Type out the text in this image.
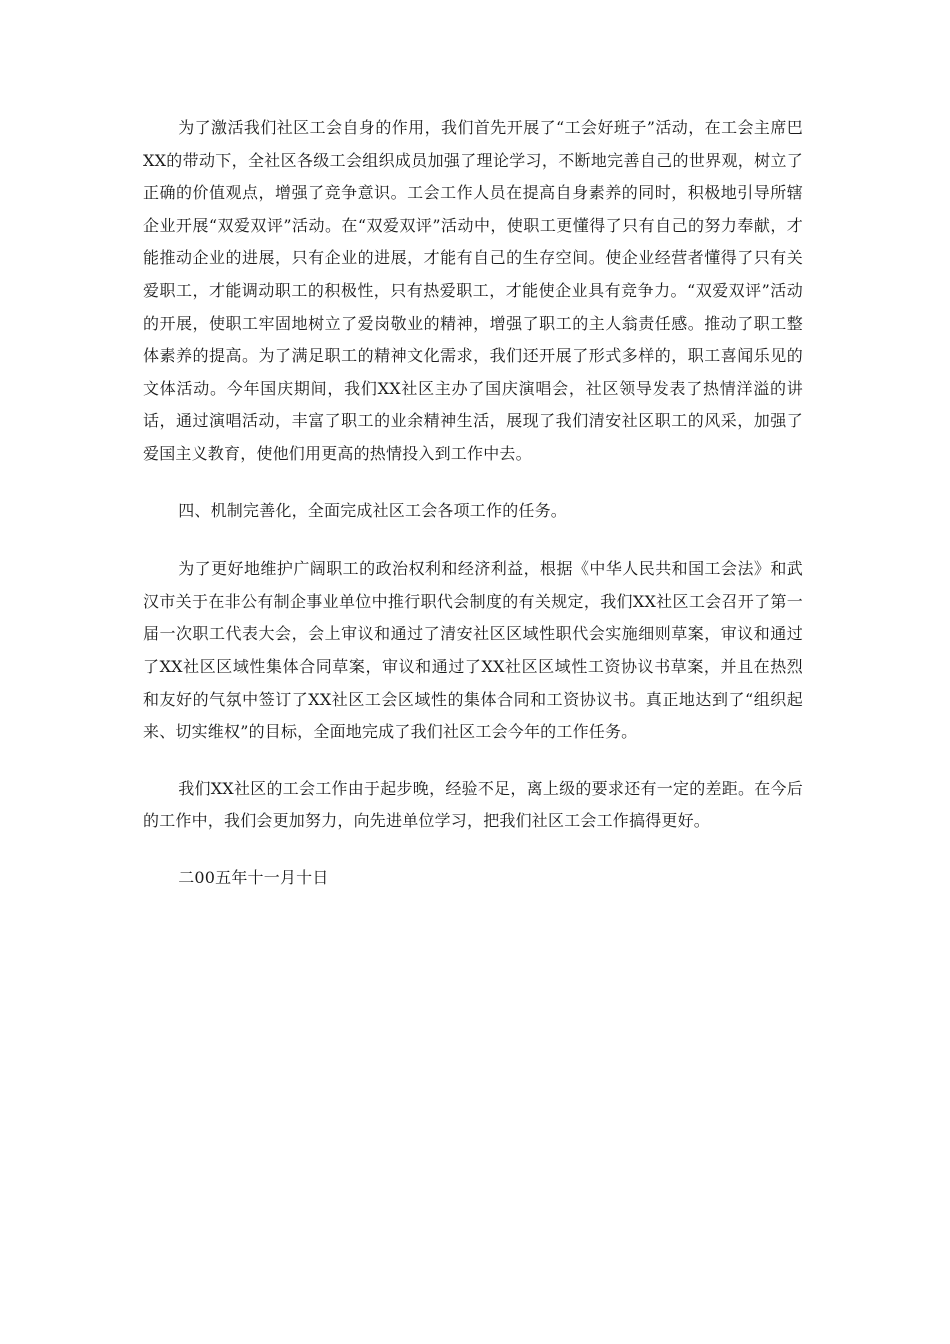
为了激活我们社区工会自身的作用，我们首先开展了“工会好班子”活动，在工会主席巴XX的带动下，全社区各级工会组织成员加强了理论学习，不断地完善自己的世界观，树立了正确的价值观点，增强了竞争意识。工会工作人员在提高自身素养的同时，积极地引导所辖企业开展“双爱双评”活动。在“双爱双评”活动中，使职工更懂得了只有自己的努力奉献，才能推动企业的进展，只有企业的进展，才能有自己的生存空间。使企业经营者懂得了只有关爱职工，才能调动职工的积极性，只有热爱职工，才能使企业具有竞争力。“双爱双评”活动的开展，使职工牢固地树立了爱岗敬业的精神，增强了职工的主人翁责任感。推动了职工整体素养的提高。为了满足职工的精神文化需求，我们还开展了形式多样的，职工喜闻乐见的文体活动。今年国庆期间，我们XX社区主办了国庆演唱会，社区领导发表了热情洋溢的讲话，通过演唱活动，丰富了职工的业余精神生活，展现了我们清安社区职工的风采，加强了爱国主义教育，使他们用更高的热情投入到工作中去。

四、机制完善化，全面完成社区工会各项工作的任务。

为了更好地维护广阔职工的政治权利和经济利益，根据《中华人民共和国工会法》和武汉市关于在非公有制企事业单位中推行职代会制度的有关规定，我们XX社区工会召开了第一届一次职工代表大会，会上审议和通过了清安社区区域性职代会实施细则草案，审议和通过了XX社区区域性集体合同草案，审议和通过了XX社区区域性工资协议书草案，并且在热烈和友好的气氛中签订了XX社区工会区域性的集体合同和工资协议书。真正地达到了“组织起来、切实维权”的目标，全面地完成了我们社区工会今年的工作任务。

我们XX社区的工会工作由于起步晚，经验不足，离上级的要求还有一定的差距。在今后的工作中，我们会更加努力，向先进单位学习，把我们社区工会工作搞得更好。

二00五年十一月十日
